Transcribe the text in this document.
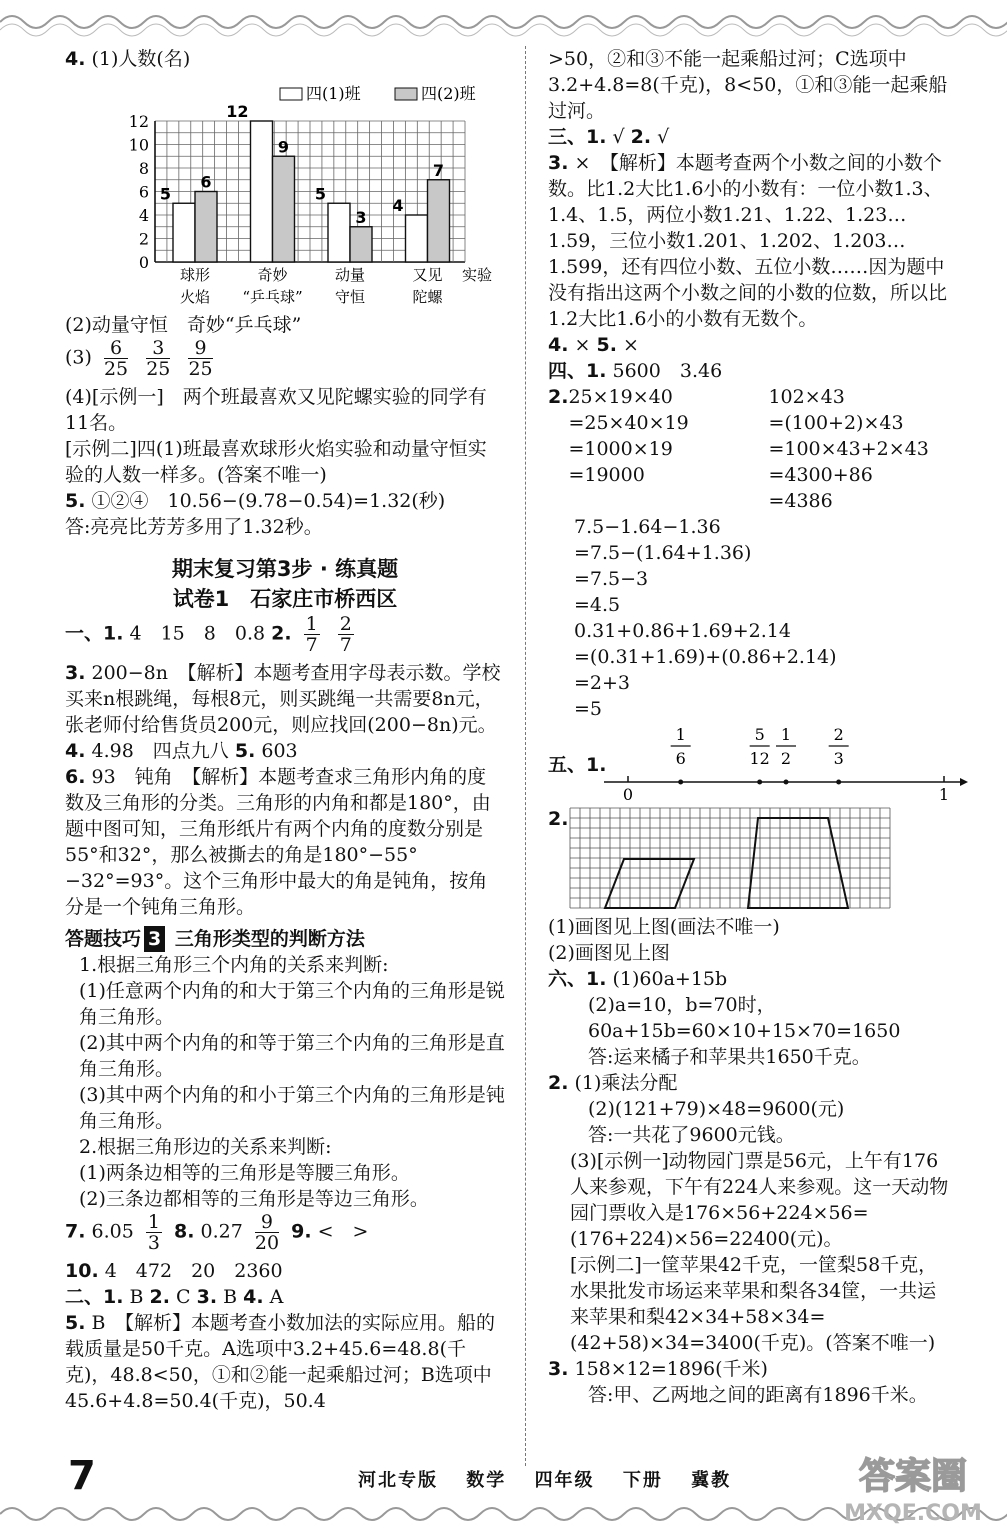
4. (1)人数(名)
四(1)班	四(2)班
0
2
4
6
8
10
12
5
6
球形
火焰
12
9
奇妙
“乒乓球”
5
3
动量
守恒
4
7
又见
陀螺
实验
(2)动量守恒　奇妙“乒乓球”
$(3) \frac{6}{25}$
$\frac{3}{25}$
$\frac{9}{25}$
(4)[示例一]　两个班最喜欢又见陀螺实验的同学有11名。
[示例二]四(1)班最喜欢球形火焰实验和动量守恒实验的人数一样多。(答案不唯一)
5. ①②④　10.56−(9.78−0.54)=1.32(秒)
答:亮亮比芳芳多用了1.32秒。
期末复习第3步 · 练真题
试卷1　石家庄市桥西区
一、1. 4　15　8　0.8 2. $\frac{1}{7}$
$\frac{2}{7}$
3. 200−8n　【解析】本题考查用字母表示数。学校买来n根跳绳，每根8元，则买跳绳一共需要8n元，张老师付给售货员200元，则应找回(200−8n)元。
4. 4.98　四点九八 5. 603
6. 93　钝角　【解析】本题考查求三角形内角的度数及三角形的分类。三角形的内角和都是180°，由题中图可知，三角形纸片有两个内角的度数分别是55°和32°，那么被撕去的角是180°−55°−32°=93°。这个三角形中最大的角是钝角，按角分是一个钝角三角形。
答题技巧 3 三角形类型的判断方法
1.根据三角形三个内角的关系来判断:
(1)任意两个内角的和大于第三个内角的三角形是锐角三角形。
(2)其中两个内角的和等于第三个内角的三角形是直角三角形。
(3)其中两个内角的和小于第三个内角的三角形是钝角三角形。
2.根据三角形边的关系来判断:
(1)两条边相等的三角形是等腰三角形。
(2)三条边都相等的三角形是等边三角形。
7. $6.05 \frac{1}{3} 8$. $0.27 \frac{9}{20} 9$. <　>
10. 4　472　20　2360
二、1. B 2. C 3. B 4. A
5. B　【解析】本题考查小数加法的实际应用。船的载质量是50千克。A选项中3.2+45.6=48.8(千克)，48.8<50，①和②能一起乘船过河；B选项中45.6+4.8=50.4(千克)，50.4
>50，②和③不能一起乘船过河；C选项中3.2+4.8=8(千克)，8<50，①和③能一起乘船过河。
三、1. √ 2. √
3. ×　【解析】本题考查两个小数之间的小数个数。比1.2大比1.6小的小数有：一位小数1.3、1.4、1.5，两位小数1.21、1.22、1.23…1.59，三位小数1.201、1.202、1.203…1.599，还有四位小数、五位小数……因为题中没有指出这两个小数之间的小数的位数，所以比1.2大比1.6小的小数有无数个。
4. × 5. ×
四、1. 5600　3.46
2. 25×19×40
=25×40×19
=1000×19
=19000
102×43
=(100+2)×43
=100×43+2×43
=4300+86
=4386
7.5−1.64−1.36
=7.5−(1.64+1.36)
=7.5−3
=4.5
0.31+0.86+1.69+2.14
=(0.31+1.69)+(0.86+2.14)
=2+3
=5
五、1.
0	1
1
6
5
12
1
2
2
3
2.
(1)画图见上图(画法不唯一)
(2)画图见上图
六、1. (1)60a+15b
(2)a=10，b=70时，
60a+15b=60×10+15×70=1650
答:运来橘子和苹果共1650千克。
2. (1)乘法分配
(2)(121+79)×48=9600(元)
答:一共花了9600元钱。
(3)[示例一]动物园门票是56元，上午有176人来参观，下午有224人来参观。这一天动物园门票收入是176×56+224×56=(176+224)×56=22400(元)。
[示例二]一筐苹果42千克，一筐梨58千克，水果批发市场运来苹果和梨各34筐，一共运来苹果和梨42×34+58×34=(42+58)×34=3400(千克)。(答案不唯一)
3. 158×12=1896(千米)
答:甲、乙两地之间的距离有1896千米。
7	河北专版 数学 四年级 下册 冀教	答案圈
MXQE.COM
